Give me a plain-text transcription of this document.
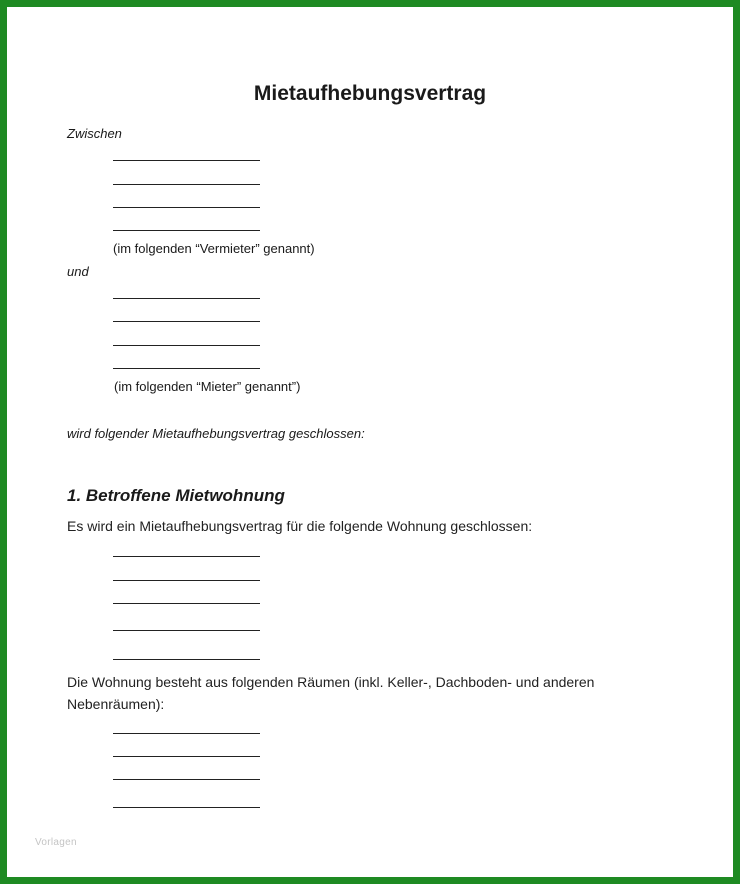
Mietaufhebungsvertrag
Zwischen
(im folgenden “Vermieter” genannt)
und
(im folgenden “Mieter” genannt”)
wird folgender Mietaufhebungsvertrag geschlossen:
1. Betroffene Mietwohnung
Es wird ein Mietaufhebungsvertrag für die folgende Wohnung geschlossen:
Die Wohnung besteht aus folgenden Räumen (inkl. Keller-, Dachboden- und anderen
Nebenräumen):
Vorlagen
